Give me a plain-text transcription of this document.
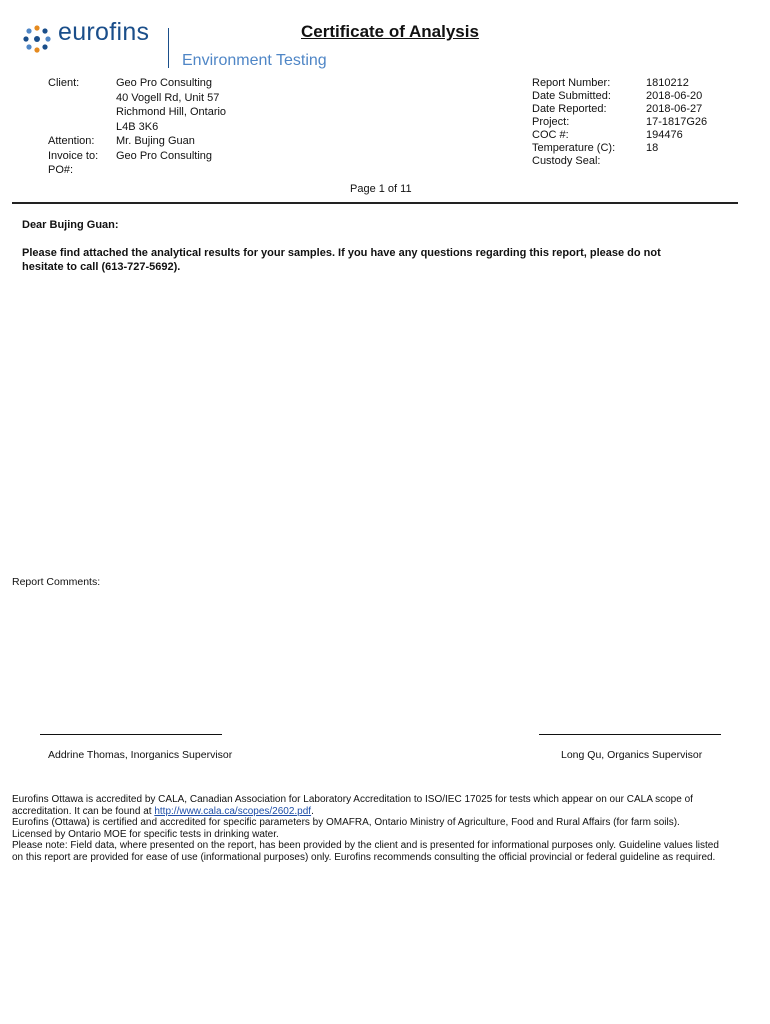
eurofins
Environment Testing
Certificate of Analysis
Client:	Geo Pro Consulting
40 Vogell Rd, Unit 57
Richmond Hill, Ontario
L4B 3K6
Attention: Mr. Bujing Guan
Invoice to: Geo Pro Consulting
PO#:
Report Number:	1810212
Date Submitted:	2018-06-20
Date Reported:	2018-06-27
Project:	17-1817G26
COC #:	194476
Temperature (C):	18
Custody Seal:
Page 1 of 11
Dear Bujing Guan:
Please find attached the analytical results for your samples. If you have any questions regarding this report, please do not
hesitate to call (613-727-5692).
Report Comments:
Addrine Thomas, Inorganics Supervisor	Long Qu, Organics Supervisor
Eurofins Ottawa is accredited by CALA, Canadian Association for Laboratory Accreditation to ISO/IEC 17025 for tests which appear on our CALA scope of
accreditation. It can be found at http://www.cala.ca/scopes/2602.pdf.
Eurofins (Ottawa) is certified and accredited for specific parameters by OMAFRA, Ontario Ministry of Agriculture, Food and Rural Affairs (for farm soils).
Licensed by Ontario MOE for specific tests in drinking water.
Please note: Field data, where presented on the report, has been provided by the client and is presented for informational purposes only. Guideline values listed
on this report are provided for ease of use (informational purposes) only. Eurofins recommends consulting the official provincial or federal guideline as required.
